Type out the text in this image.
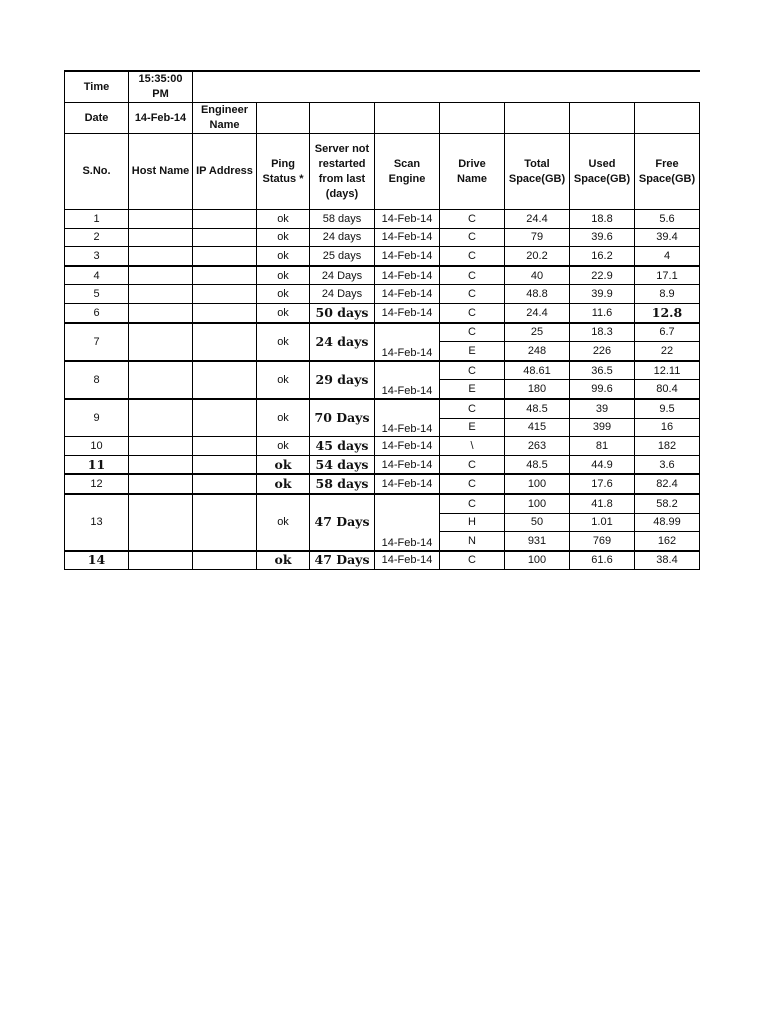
Time	15:35:00 PM								
Date	14-Feb-14	Engineer Name							
S.No.	Host Name	IP Address	Ping Status *	Server not restarted from last (days)	Scan Engine	Drive Name	Total Space(GB)	Used Space(GB)	Free Space(GB)
1			ok	58 days	14-Feb-14	C	24.4	18.8	5.6
2			ok	24 days	14-Feb-14	C	79	39.6	39.4
3			ok	25 days	14-Feb-14	C	20.2	16.2	4
4			ok	24 Days	14-Feb-14	C	40	22.9	17.1
5			ok	24 Days	14-Feb-14	C	48.8	39.9	8.9
6			ok	50 days	14-Feb-14	C	24.4	11.6	12.8
7			ok	24 days	14-Feb-14	C	25	18.3	6.7
						E	248	226	22
8			ok	29 days	14-Feb-14	C	48.61	36.5	12.11
						E	180	99.6	80.4
9			ok	70 Days	14-Feb-14	C	48.5	39	9.5
						E	415	399	16
10			ok	45 days	14-Feb-14	\	263	81	182
11			ok	54 days	14-Feb-14	C	48.5	44.9	3.6
12			ok	58 days	14-Feb-14	C	100	17.6	82.4
13			ok	47 Days	14-Feb-14	C	100	41.8	58.2
						H	50	1.01	48.99
						N	931	769	162
14			ok	47 Days	14-Feb-14	C	100	61.6	38.4
